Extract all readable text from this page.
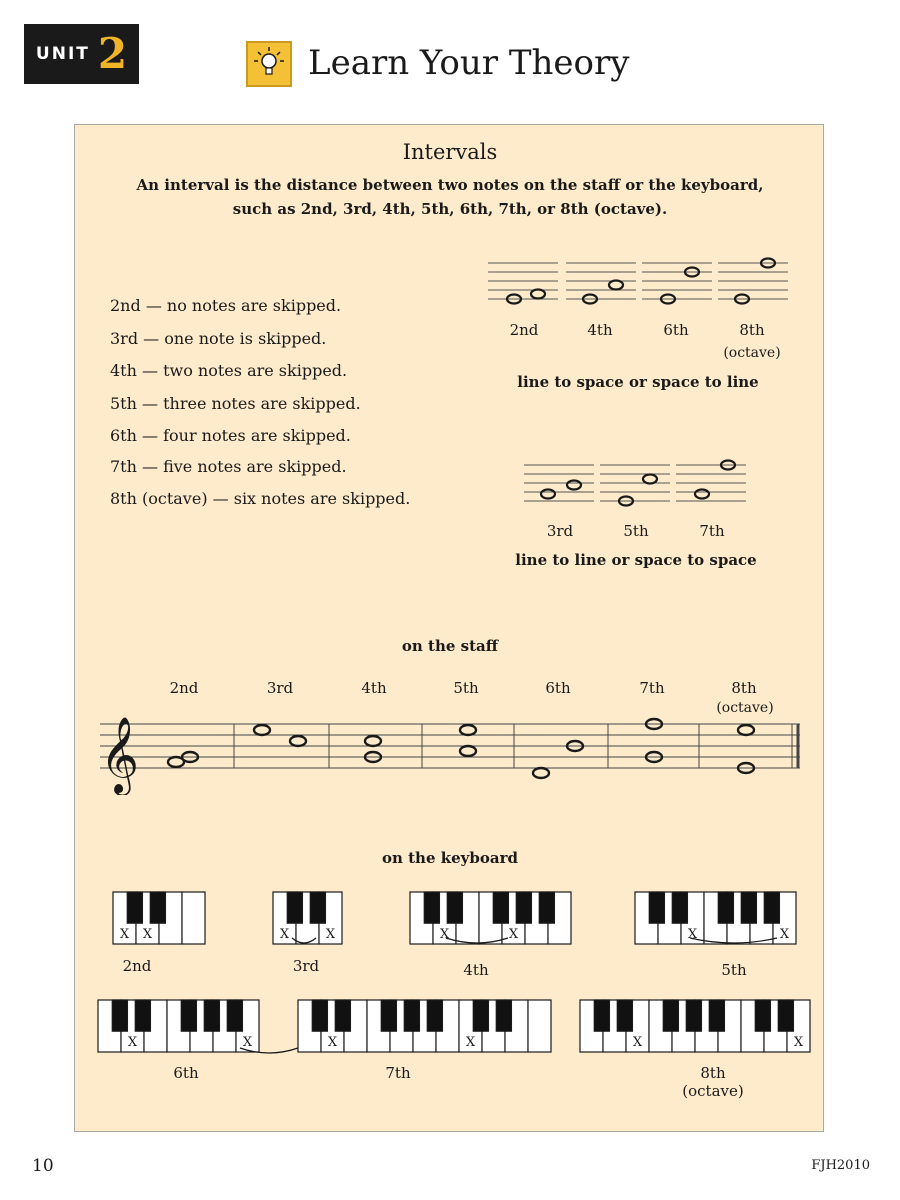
UNIT 2	Learn Your Theory
Intervals
An interval is the distance between two notes on the staff or the keyboard,
such as 2nd, 3rd, 4th, 5th, 6th, 7th, or 8th (octave).
2nd — no notes are skipped.
3rd — one note is skipped.
4th — two notes are skipped.
5th — three notes are skipped.
6th — four notes are skipped.
7th — five notes are skipped.
8th (octave) — six notes are skipped.
2nd	4th	6th	8th
(octave)
line to space or space to line
3rd	5th	7th
line to line or space to space
on the staff
2nd	3rd	4th	5th	6th	7th	8th
(octave)
𝄞
on the keyboard
X X	X	X	X	X	X	X
X	X	X	X	X	X
2nd	3rd	4th	5th
6th	7th	8th
(octave)
10	FJH2010
